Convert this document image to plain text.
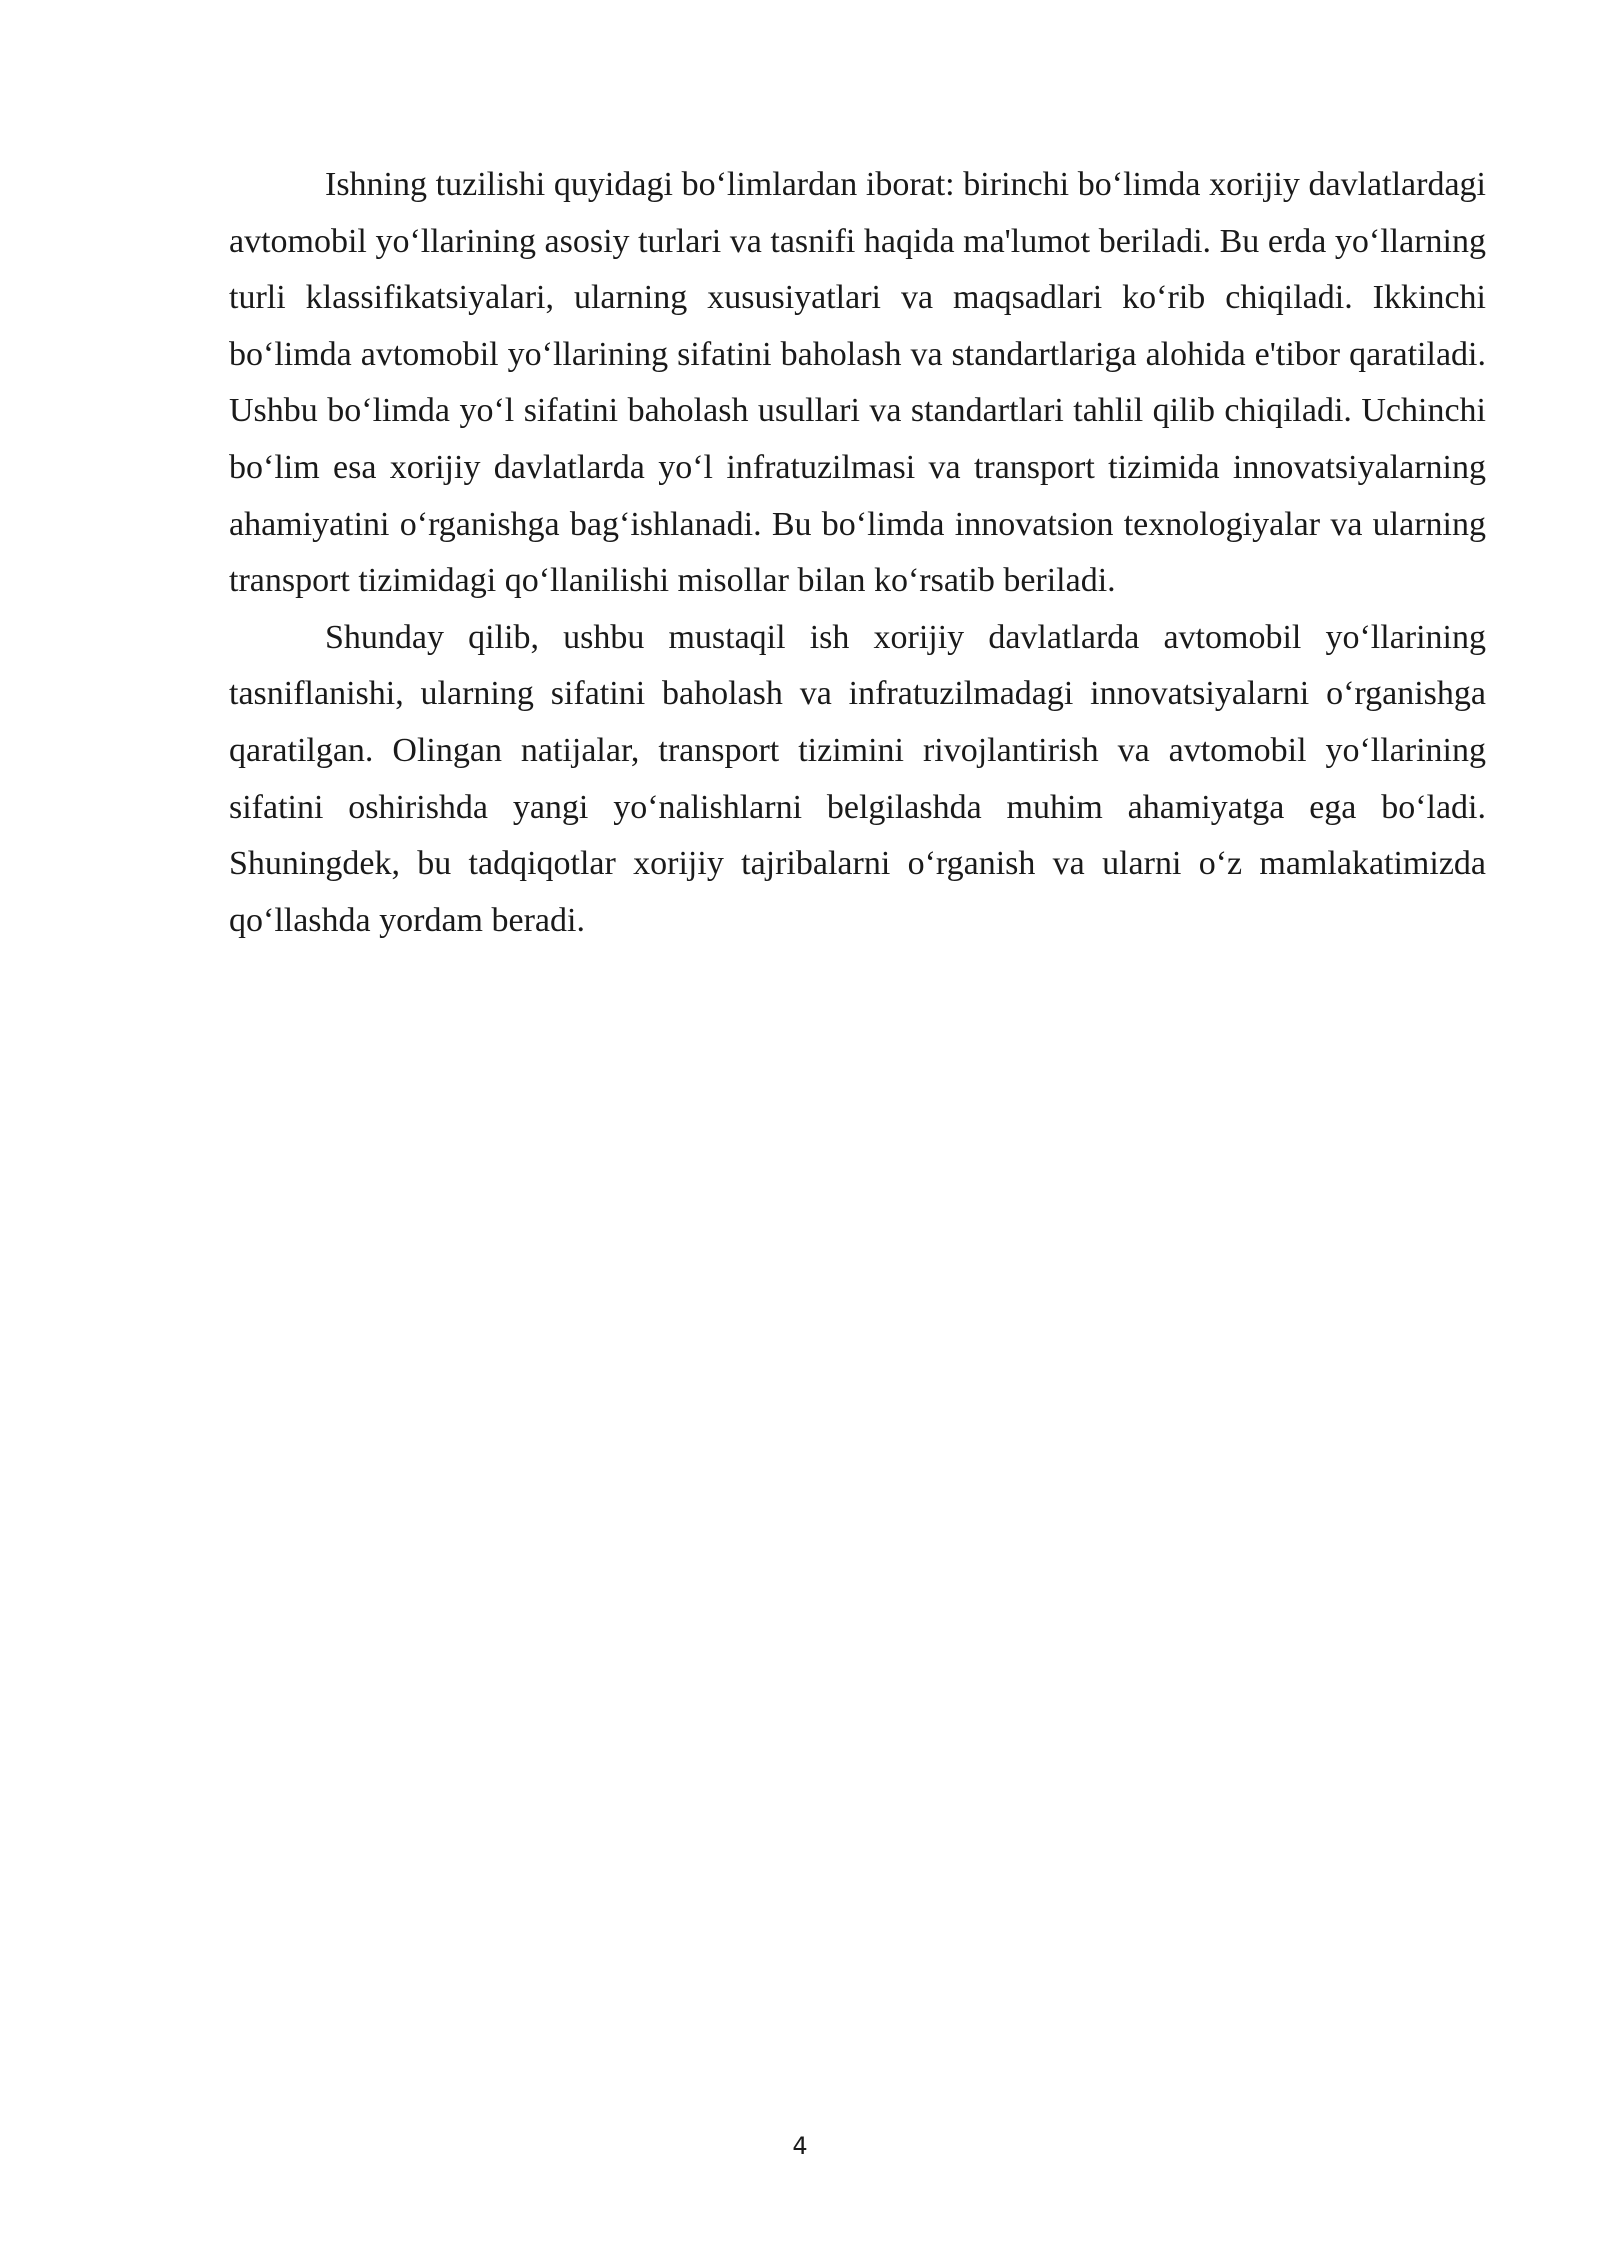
Ishning tuzilishi quyidagi bo‘limlardan iborat: birinchi bo‘limda xorijiy davlatlardagi avtomobil yo‘llarining asosiy turlari va tasnifi haqida ma'lumot beriladi. Bu erda yo‘llarning turli klassifikatsiyalari, ularning xususiyatlari va maqsadlari ko‘rib chiqiladi. Ikkinchi bo‘limda avtomobil yo‘llarining sifatini baholash va standartlariga alohida e'tibor qaratiladi. Ushbu bo‘limda yo‘l sifatini baholash usullari va standartlari tahlil qilib chiqiladi. Uchinchi bo‘lim esa xorijiy davlatlarda yo‘l infratuzilmasi va transport tizimida innovatsiyalarning ahamiyatini o‘rganishga bag‘ishlanadi. Bu bo‘limda innovatsion texnologiyalar va ularning transport tizimidagi qo‘llanilishi misollar bilan ko‘rsatib beriladi.

Shunday qilib, ushbu mustaqil ish xorijiy davlatlarda avtomobil yo‘llarining tasniflanishi, ularning sifatini baholash va infratuzilmadagi innovatsiyalarni o‘rganishga qaratilgan. Olingan natijalar, transport tizimini rivojlantirish va avtomobil yo‘llarining sifatini oshirishda yangi yo‘nalishlarni belgilashda muhim ahamiyatga ega bo‘ladi. Shuningdek, bu tadqiqotlar xorijiy tajribalarni o‘rganish va ularni o‘z mamlakatimizda qo‘llashda yordam beradi.

4
